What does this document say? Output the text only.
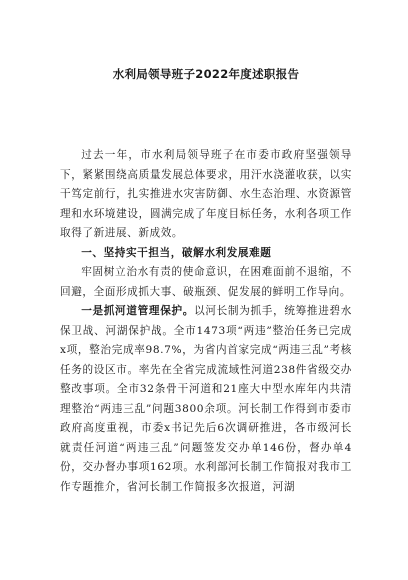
水利局领导班子2022年度述职报告

过去一年，市水利局领导班子在市委市政府坚强领导下，紧紧围绕高质量发展总体要求，用汗水浇灌收获，以实干笃定前行，扎实推进水灾害防御、水生态治理、水资源管理和水环境建设，圆满完成了年度目标任务，水利各项工作取得了新进展、新成效。

一、坚持实干担当，破解水利发展难题

牢固树立治水有责的使命意识，在困难面前不退缩，不回避，全面形成抓大事、破瓶颈、促发展的鲜明工作导向。

一是抓河道管理保护。以河长制为抓手，统筹推进碧水保卫战、河湖保护战。全市1473项“两违”整治任务已完成x项，整治完成率98.7%，为省内首家完成“两违三乱”考核任务的设区市。率先在全省完成流域性河道238件省级交办整改事项。全市32条骨干河道和21座大中型水库年内共清理整治“两违三乱”问题3800余项。河长制工作得到市委市政府高度重视，市委x书记先后6次调研推进，各市级河长就责任河道“两违三乱”问题签发交办单146份，督办单4份，交办督办事项162项。水利部河长制工作简报对我市工作专题推介，省河长制工作简报多次报道，河湖
